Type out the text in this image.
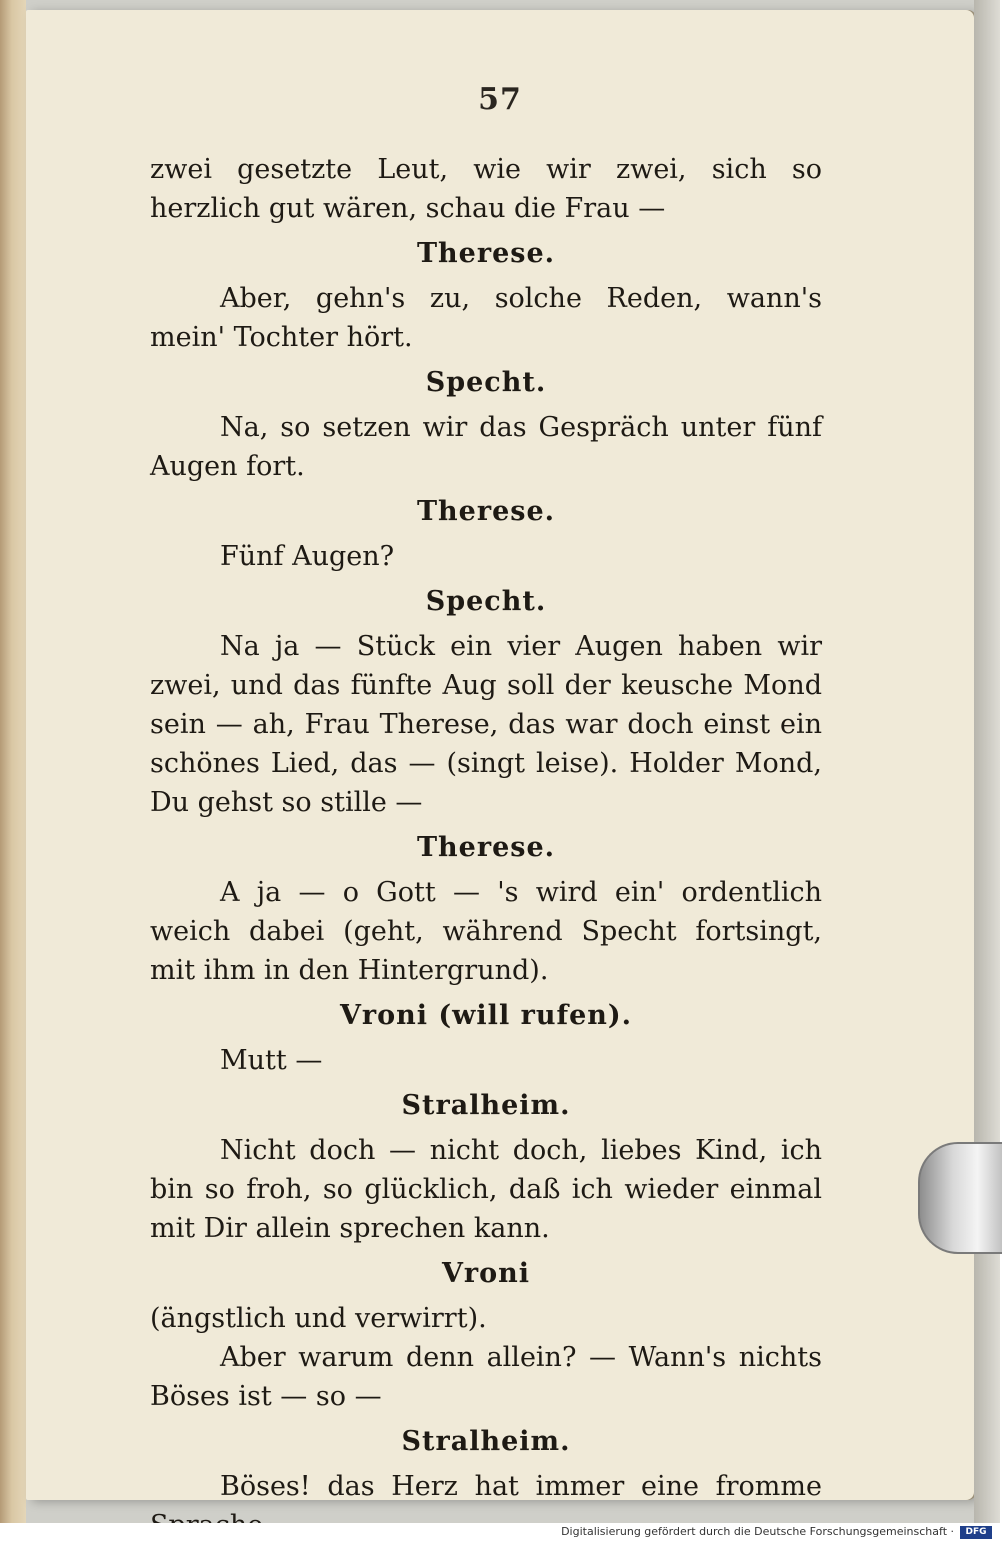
57

zwei gesetzte Leut, wie wir zwei, sich so herzlich gut wären, schau die Frau —

Therese.

Aber, gehn's zu, solche Reden, wann's mein' Tochter hört.

Specht.

Na, so setzen wir das Gespräch unter fünf Augen fort.

Therese.

Fünf Augen?

Specht.

Na ja — Stück ein vier Augen haben wir zwei, und das fünfte Aug soll der keusche Mond sein — ah, Frau Therese, das war doch einst ein schönes Lied, das — (singt leise). Holder Mond, Du gehst so stille —

Therese.

A ja — o Gott — 's wird ein' ordentlich weich dabei (geht, während Specht fortsingt, mit ihm in den Hintergrund).

Vroni (will rufen).

Mutt —

Stralheim.

Nicht doch — nicht doch, liebes Kind, ich bin so froh, so glücklich, daß ich wieder einmal mit Dir allein sprechen kann.

Vroni

(ängstlich und verwirrt).

Aber warum denn allein? — Wann's nichts Böses ist — so —

Stralheim.

Böses! das Herz hat immer eine fromme

Digitalisierung gefördert durch die Deutsche Forschungsgemeinschaft ·	DFG
